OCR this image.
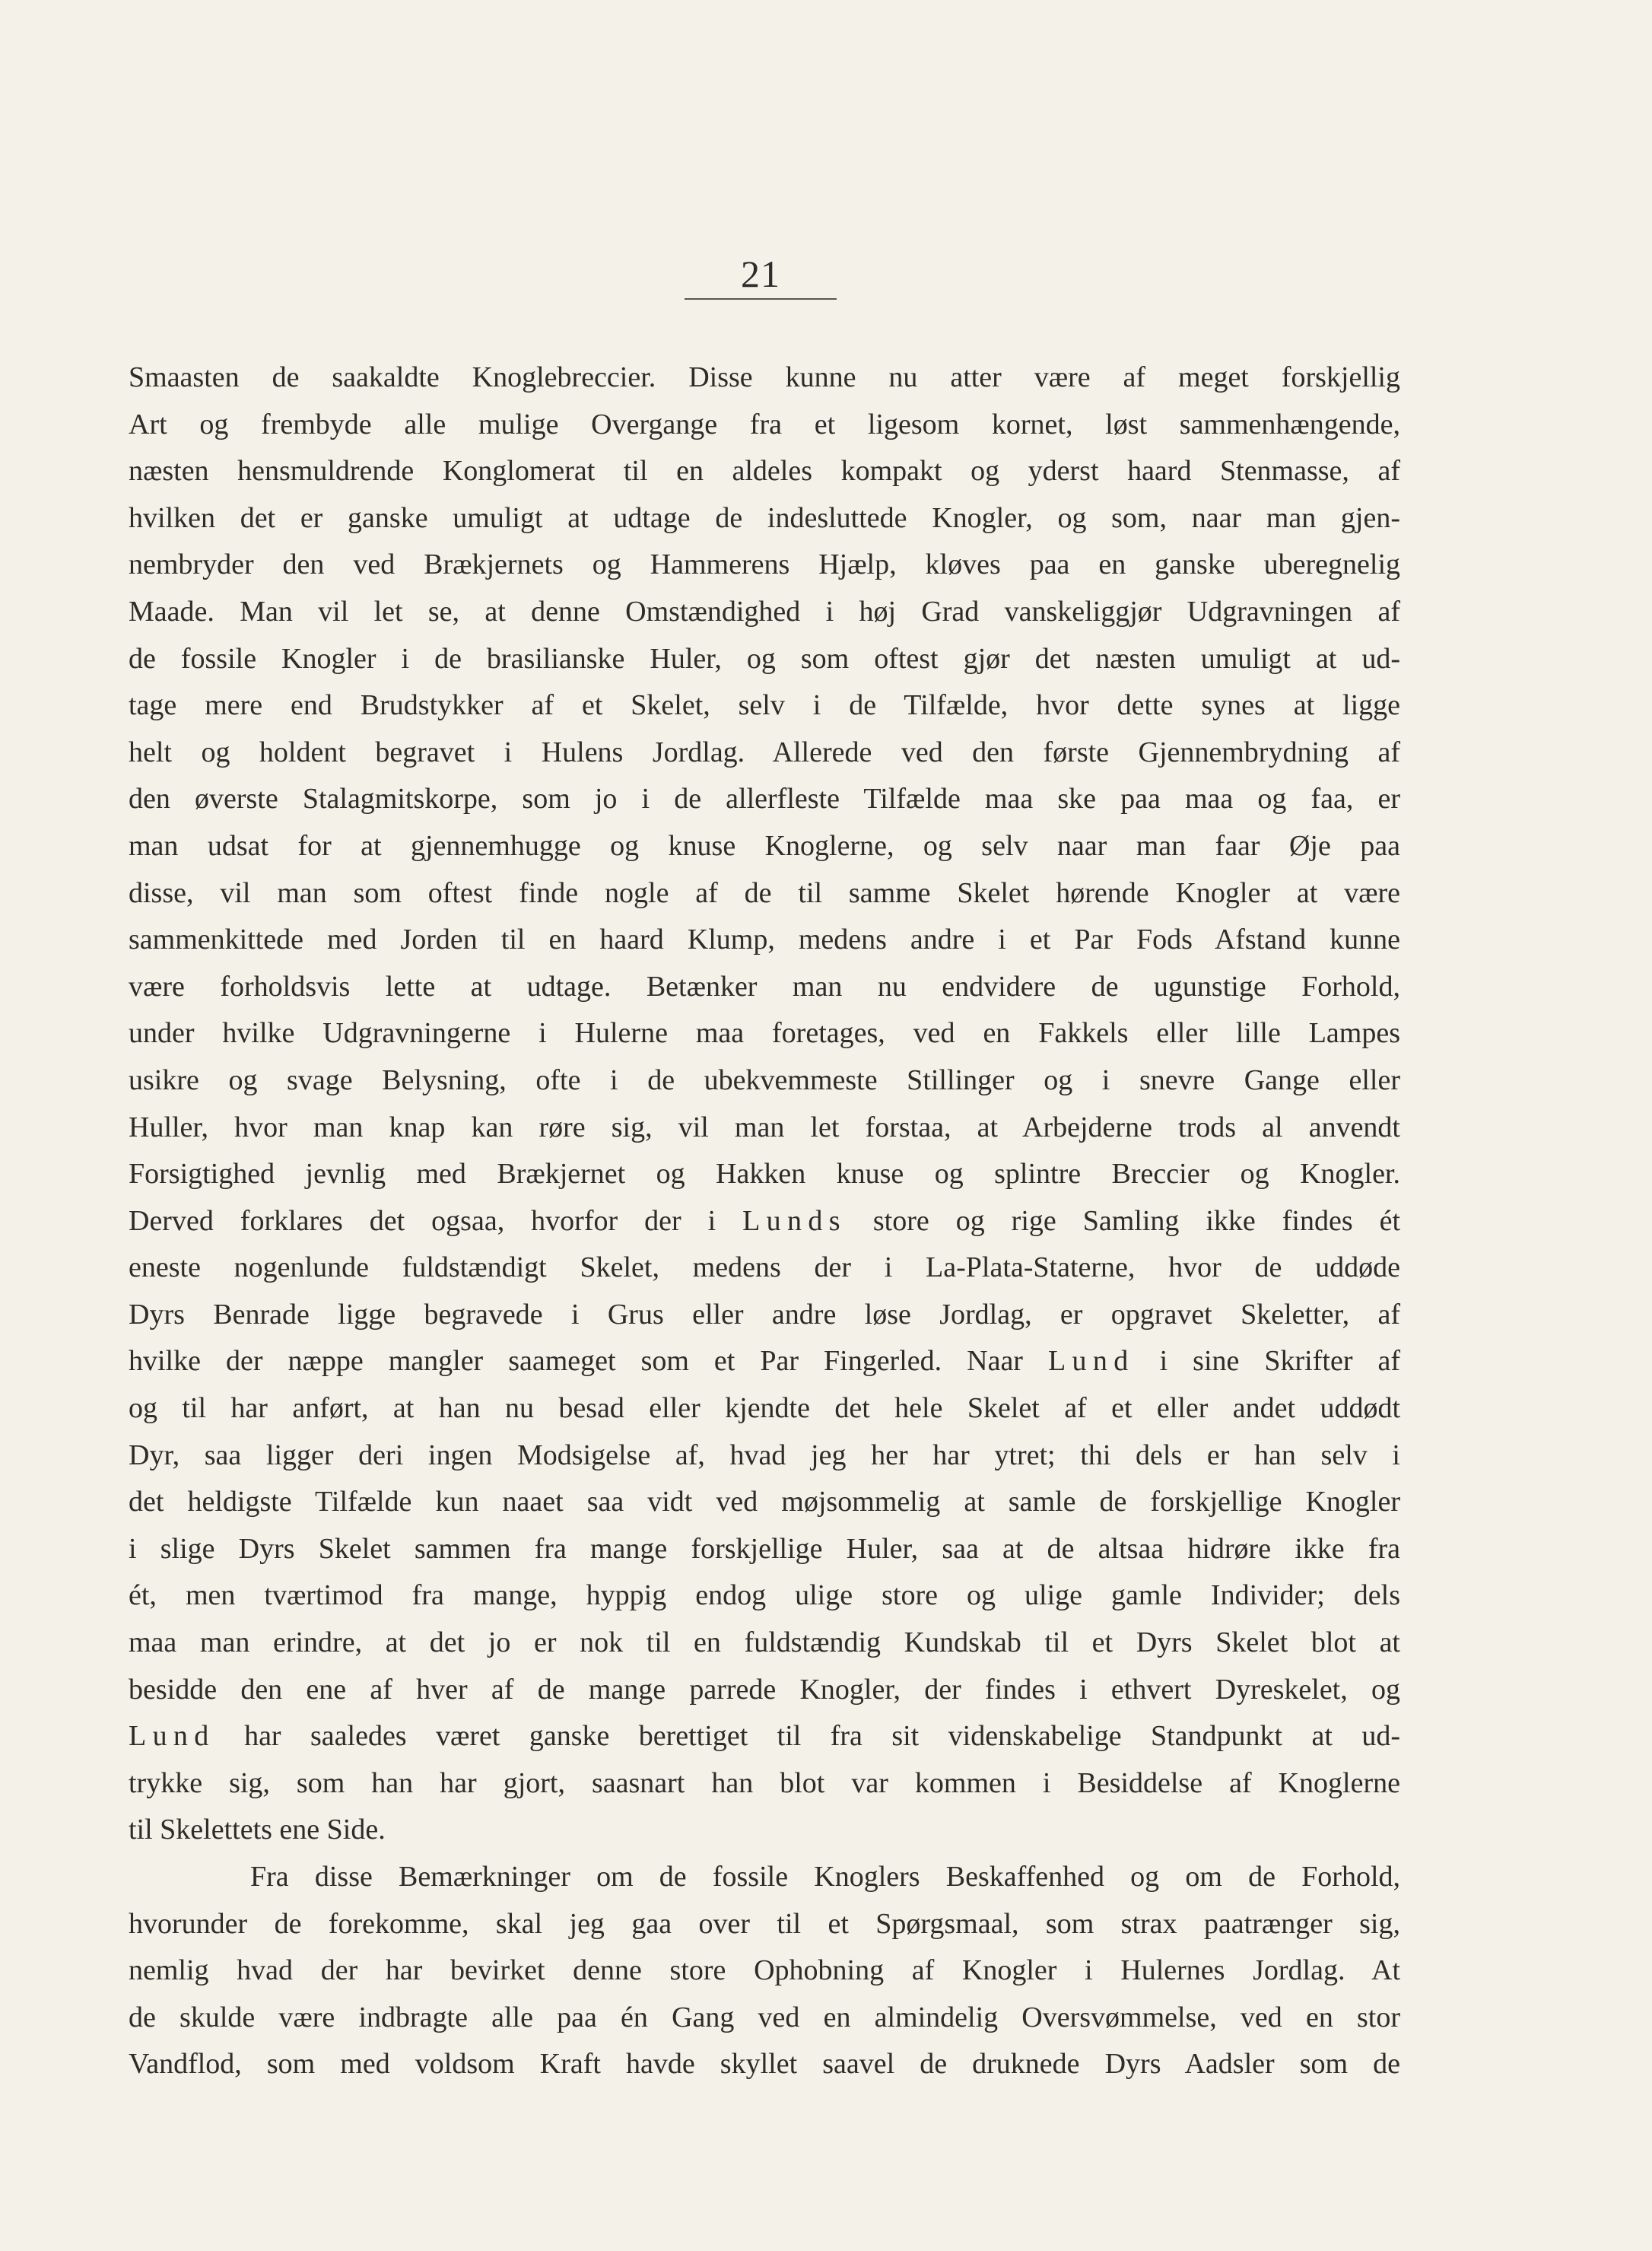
21
Smaasten de saakaldte Knoglebreccier. Disse kunne nu atter være af meget forskjellig
Art og frembyde alle mulige Overgange fra et ligesom kornet, løst sammenhængende,
næsten hensmuldrende Konglomerat til en aldeles kompakt og yderst haard Stenmasse, af
hvilken det er ganske umuligt at udtage de indesluttede Knogler, og som, naar man gjen-
nembryder den ved Brækjernets og Hammerens Hjælp, kløves paa en ganske uberegnelig
Maade. Man vil let se, at denne Omstændighed i høj Grad vanskeliggjør Udgravningen af
de fossile Knogler i de brasilianske Huler, og som oftest gjør det næsten umuligt at ud-
tage mere end Brudstykker af et Skelet, selv i de Tilfælde, hvor dette synes at ligge
helt og holdent begravet i Hulens Jordlag. Allerede ved den første Gjennembrydning af
den øverste Stalagmitskorpe, som jo i de allerfleste Tilfælde maa ske paa maa og faa, er
man udsat for at gjennemhugge og knuse Knoglerne, og selv naar man faar Øje paa
disse, vil man som oftest finde nogle af de til samme Skelet hørende Knogler at være
sammenkittede med Jorden til en haard Klump, medens andre i et Par Fods Afstand kunne
være forholdsvis lette at udtage. Betænker man nu endvidere de ugunstige Forhold,
under hvilke Udgravningerne i Hulerne maa foretages, ved en Fakkels eller lille Lampes
usikre og svage Belysning, ofte i de ubekvemmeste Stillinger og i snevre Gange eller
Huller, hvor man knap kan røre sig, vil man let forstaa, at Arbejderne trods al anvendt
Forsigtighed jevnlig med Brækjernet og Hakken knuse og splintre Breccier og Knogler.
Derved forklares det ogsaa, hvorfor der i Lunds store og rige Samling ikke findes ét
eneste nogenlunde fuldstændigt Skelet, medens der i La-Plata-Staterne, hvor de uddøde
Dyrs Benrade ligge begravede i Grus eller andre løse Jordlag, er opgravet Skeletter, af
hvilke der næppe mangler saameget som et Par Fingerled. Naar Lund i sine Skrifter af
og til har anført, at han nu besad eller kjendte det hele Skelet af et eller andet uddødt
Dyr, saa ligger deri ingen Modsigelse af, hvad jeg her har ytret; thi dels er han selv i
det heldigste Tilfælde kun naaet saa vidt ved møjsommelig at samle de forskjellige Knogler
i slige Dyrs Skelet sammen fra mange forskjellige Huler, saa at de altsaa hidrøre ikke fra
ét, men tværtimod fra mange, hyppig endog ulige store og ulige gamle Individer; dels
maa man erindre, at det jo er nok til en fuldstændig Kundskab til et Dyrs Skelet blot at
besidde den ene af hver af de mange parrede Knogler, der findes i ethvert Dyreskelet, og
Lund har saaledes været ganske berettiget til fra sit videnskabelige Standpunkt at ud-
trykke sig, som han har gjort, saasnart han blot var kommen i Besiddelse af Knoglerne
til Skelettets ene Side.
Fra disse Bemærkninger om de fossile Knoglers Beskaffenhed og om de Forhold,
hvorunder de forekomme, skal jeg gaa over til et Spørgsmaal, som strax paatrænger sig,
nemlig hvad der har bevirket denne store Ophobning af Knogler i Hulernes Jordlag. At
de skulde være indbragte alle paa én Gang ved en almindelig Oversvømmelse, ved en stor
Vandflod, som med voldsom Kraft havde skyllet saavel de druknede Dyrs Aadsler som de
